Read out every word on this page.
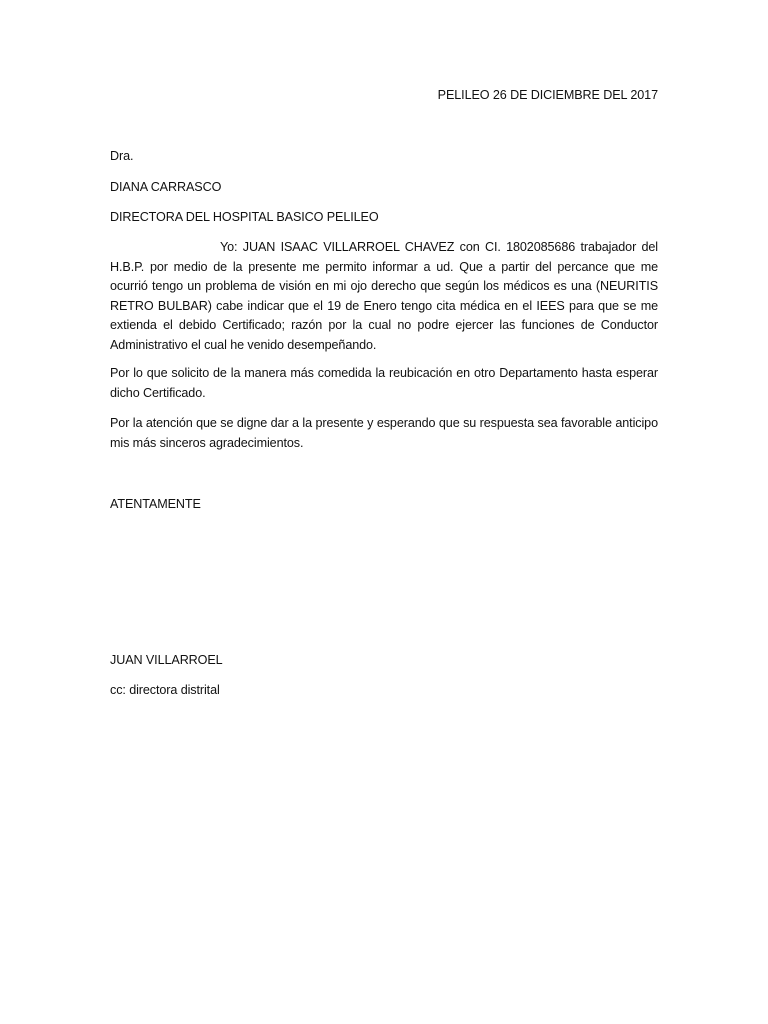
PELILEO 26 DE DICIEMBRE DEL 2017
Dra.
DIANA CARRASCO
DIRECTORA DEL HOSPITAL BASICO PELILEO

Yo: JUAN ISAAC VILLARROEL CHAVEZ con CI. 1802085686 trabajador del H.B.P. por medio de la presente me permito informar a ud. Que a partir del percance que me ocurrió tengo un problema de visión en mi ojo derecho que según los médicos es una (NEURITIS RETRO BULBAR) cabe indicar que el 19 de Enero tengo cita médica en el IEES para que se me extienda el debido Certificado; razón por la cual no podre ejercer las funciones de Conductor Administrativo el cual he venido desempeñando.

Por lo que solicito de la manera más comedida la reubicación en otro Departamento hasta esperar dicho Certificado.

Por la atención que se digne dar a la presente y esperando que su respuesta sea favorable anticipo mis más sinceros agradecimientos.

ATENTAMENTE
JUAN VILLARROEL
cc: directora distrital
